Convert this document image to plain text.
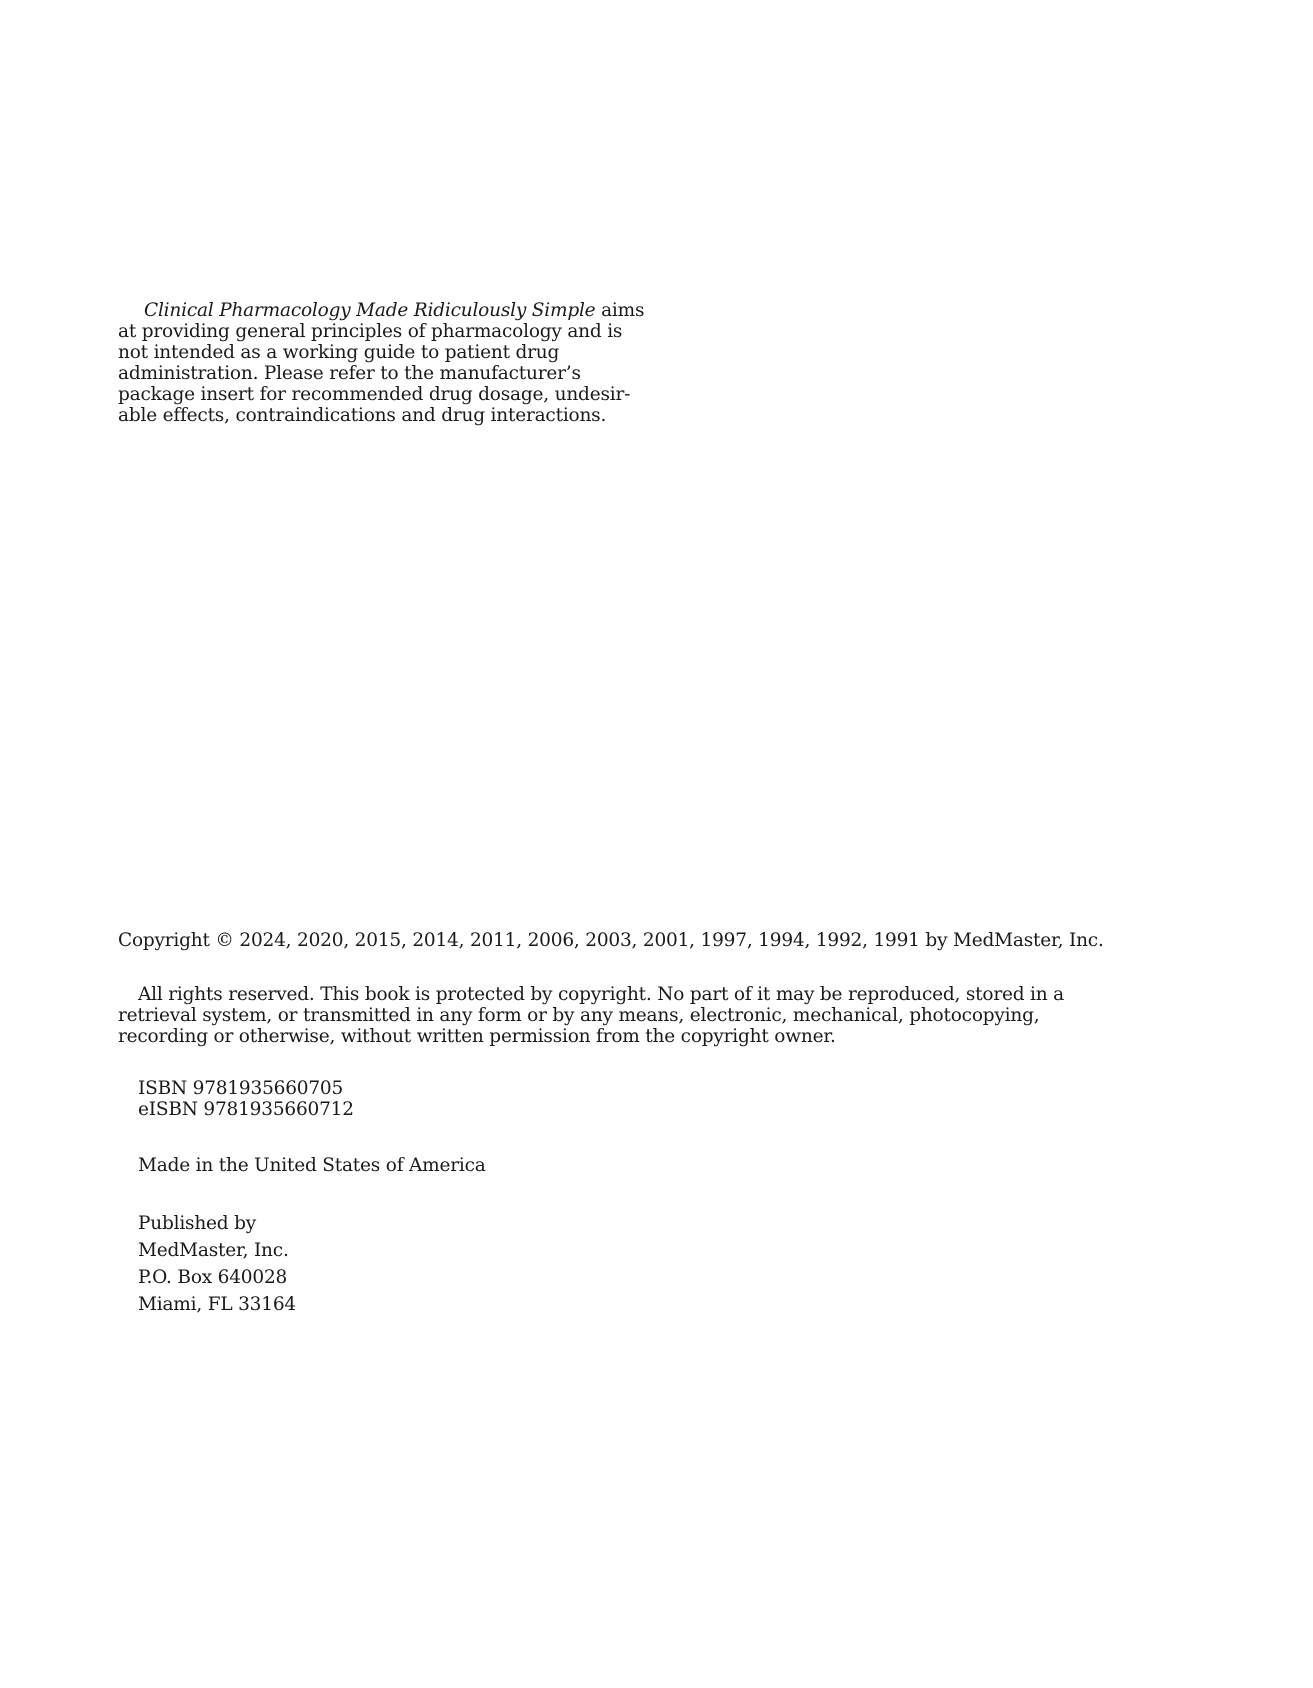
Clinical Pharmacology Made Ridiculously Simple aims
at providing general principles of pharmacology and is
not intended as a working guide to patient drug
administration. Please refer to the manufacturer’s
package insert for recommended drug dosage, undesir-
able effects, contraindications and drug interactions.

Copyright © 2024, 2020, 2015, 2014, 2011, 2006, 2003, 2001, 1997, 1994, 1992, 1991 by MedMaster, Inc.

All rights reserved. This book is protected by copyright. No part of it may be reproduced, stored in a
retrieval system, or transmitted in any form or by any means, electronic, mechanical, photocopying,
recording or otherwise, without written permission from the copyright owner.
ISBN 9781935660705
eISBN 9781935660712

Made in the United States of America

Published by
MedMaster, Inc.
P.O. Box 640028
Miami, FL 33164
